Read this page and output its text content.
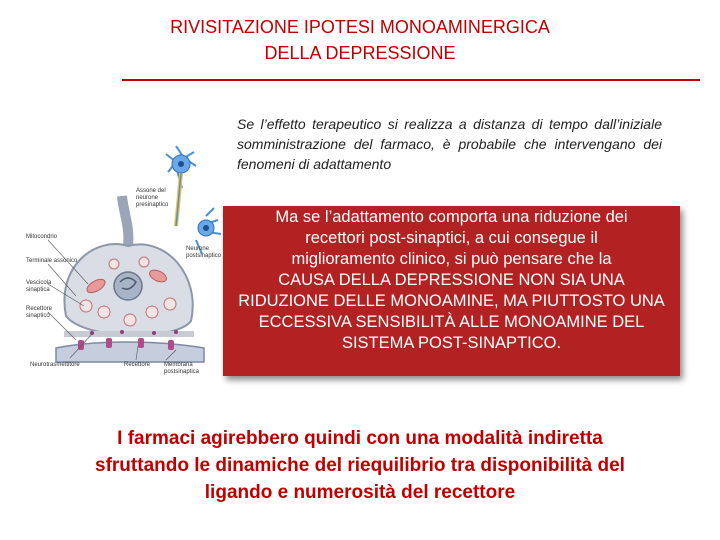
RIVISITAZIONE IPOTESI MONOAMINERGICA
DELLA DEPRESSIONE
Se l’effetto terapeutico si realizza a distanza di tempo dall’iniziale somministrazione del farmaco, è probabile che intervengano dei fenomeni di adattamento
Assone del neurone presinaptico
Mitocondrio
Terminale assonico
Vescicola sinaptica
Recettore sinaptico
Neurone postsinaptico
Neurotrasmettitore	Recettore Membrana postsinaptica
Ma se l’adattamento comporta una riduzione dei
recettori post-sinaptici, a cui consegue il
miglioramento clinico, si può pensare che la
CAUSA DELLA DEPRESSIONE NON SIA UNA
RIDUZIONE DELLE MONOAMINE, MA PIUTTOSTO UNA
ECCESSIVA SENSIBILITÀ ALLE MONOAMINE DEL
SISTEMA POST-SINAPTICO.
I farmaci agirebbero quindi con una modalità indiretta
sfruttando le dinamiche del riequilibrio tra disponibilità del
ligando e numerosità del recettore
